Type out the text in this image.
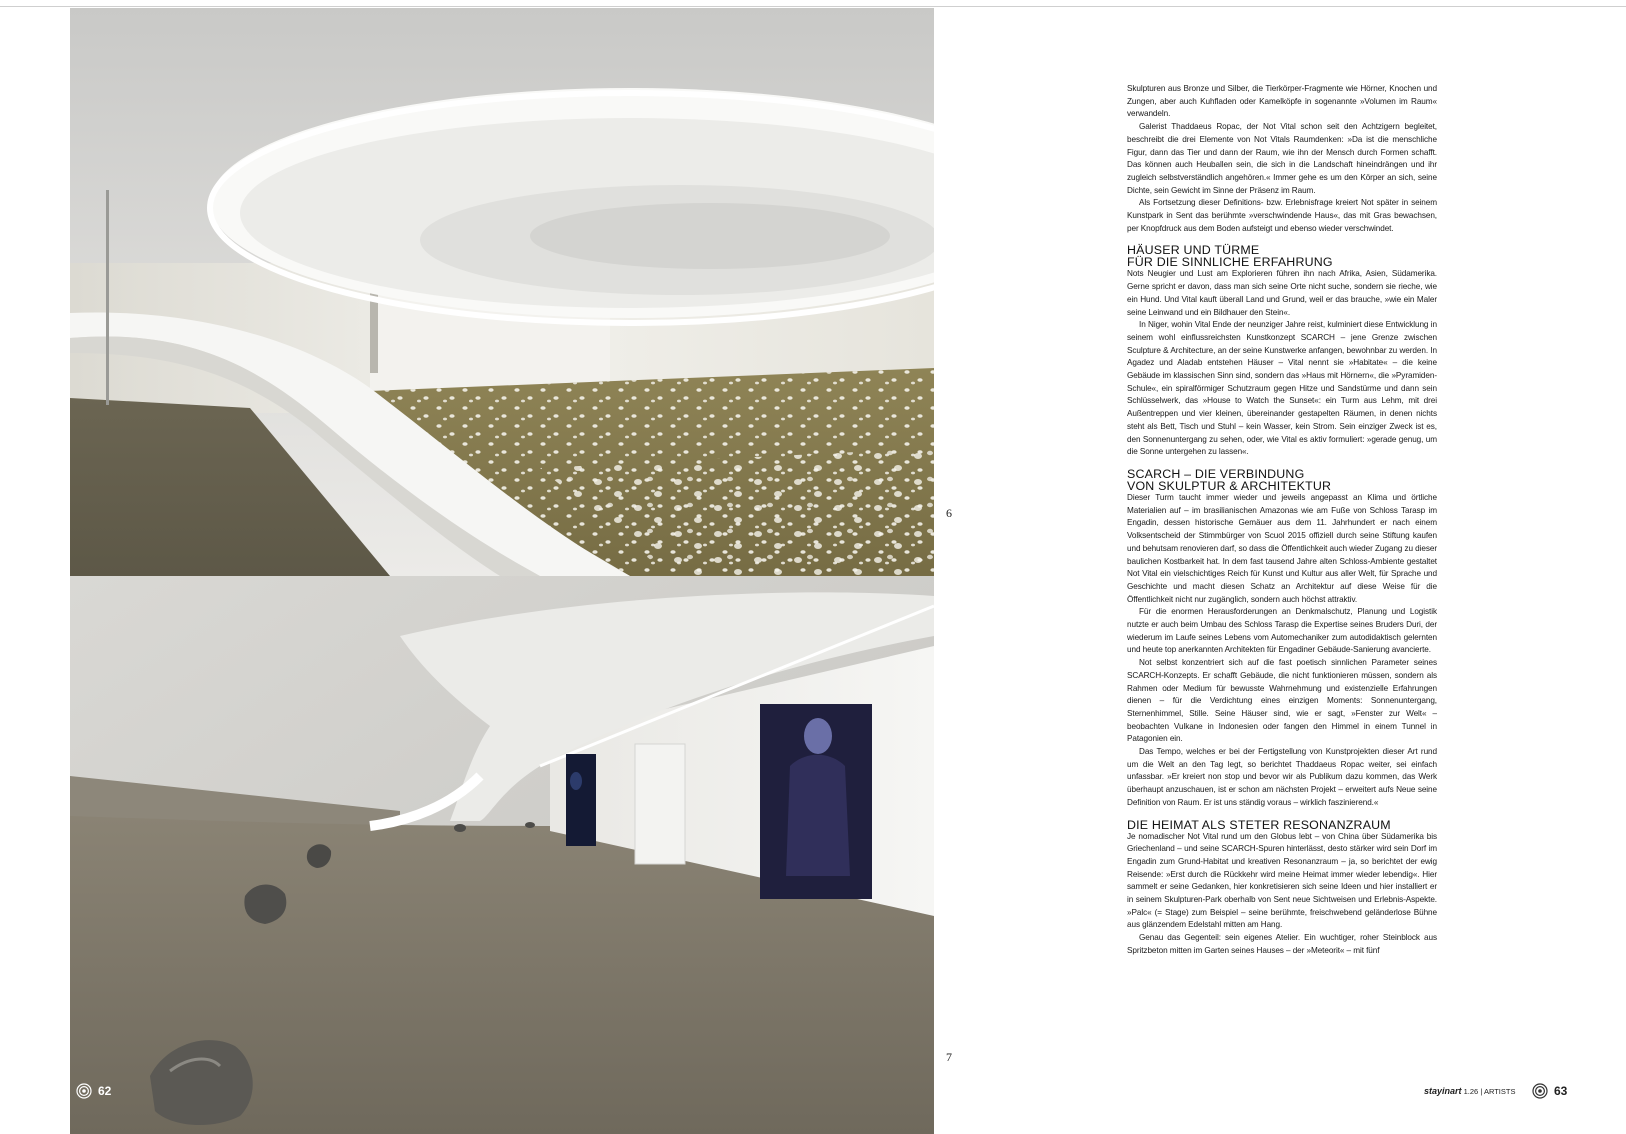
6
7
62	stayinart 1.26 | ARTISTS	63

Skulpturen aus Bronze und Silber, die Tierkörper-Fragmente wie Hörner, Knochen und Zungen, aber auch Kuhfladen oder Kamelköpfe in sogenannte »Volumen im Raum« verwandeln.

Galerist Thaddaeus Ropac, der Not Vital schon seit den Achtzigern begleitet, beschreibt die drei Elemente von Not Vitals Raumdenken: »Da ist die menschliche Figur, dann das Tier und dann der Raum, wie ihn der Mensch durch Formen schafft. Das können auch Heuballen sein, die sich in die Landschaft hineindrängen und ihr zugleich selbstverständlich angehören.« Immer gehe es um den Körper an sich, seine Dichte, sein Gewicht im Sinne der Präsenz im Raum.

Als Fortsetzung dieser Definitions- bzw. Erlebnisfrage kreiert Not später in seinem Kunstpark in Sent das berühmte »verschwindende Haus«, das mit Gras bewachsen, per Knopfdruck aus dem Boden aufsteigt und ebenso wieder verschwindet.

HÄUSER UND TÜRME
FÜR DIE SINNLICHE ERFAHRUNG

Nots Neugier und Lust am Explorieren führen ihn nach Afrika, Asien, Südamerika. Gerne spricht er davon, dass man sich seine Orte nicht suche, sondern sie rieche, wie ein Hund. Und Vital kauft überall Land und Grund, weil er das brauche, »wie ein Maler seine Leinwand und ein Bildhauer den Stein«.

In Niger, wohin Vital Ende der neunziger Jahre reist, kulminiert diese Entwicklung in seinem wohl einflussreichsten Kunstkonzept SCARCH – jene Grenze zwischen Sculpture & Architecture, an der seine Kunstwerke anfangen, bewohnbar zu werden. In Agadez und Aladab entstehen Häuser – Vital nennt sie »Habitate« – die keine Gebäude im klassischen Sinn sind, sondern das »Haus mit Hörnern«, die »Pyramiden-Schule«, ein spiralförmiger Schutzraum gegen Hitze und Sandstürme und dann sein Schlüsselwerk, das »House to Watch the Sunset«: ein Turm aus Lehm, mit drei Außentreppen und vier kleinen, übereinander gestapelten Räumen, in denen nichts steht als Bett, Tisch und Stuhl – kein Wasser, kein Strom. Sein einziger Zweck ist es, den Sonnenuntergang zu sehen, oder, wie Vital es aktiv formuliert: »gerade genug, um die Sonne untergehen zu lassen«.

SCARCH – DIE VERBINDUNG
VON SKULPTUR & ARCHITEKTUR

Dieser Turm taucht immer wieder und jeweils angepasst an Klima und örtliche Materialien auf – im brasilianischen Amazonas wie am Fuße von Schloss Tarasp im Engadin, dessen historische Gemäuer aus dem 11. Jahrhundert er nach einem Volksentscheid der Stimmbürger von Scuol 2015 offiziell durch seine Stiftung kaufen und behutsam renovieren darf, so dass die Öffentlichkeit auch wieder Zugang zu dieser baulichen Kostbarkeit hat. In dem fast tausend Jahre alten Schloss-Ambiente gestaltet Not Vital ein vielschichtiges Reich für Kunst und Kultur aus aller Welt, für Sprache und Geschichte und macht diesen Schatz an Architektur auf diese Weise für die Öffentlichkeit nicht nur zugänglich, sondern auch höchst attraktiv.

Für die enormen Herausforderungen an Denkmalschutz, Planung und Logistik nutzte er auch beim Umbau des Schloss Tarasp die Expertise seines Bruders Duri, der wiederum im Laufe seines Lebens vom Automechaniker zum autodidaktisch gelernten und heute top anerkannten Architekten für Engadiner Gebäude-Sanierung avancierte.

Not selbst konzentriert sich auf die fast poetisch sinnlichen Parameter seines SCARCH-Konzepts. Er schafft Gebäude, die nicht funktionieren müssen, sondern als Rahmen oder Medium für bewusste Wahrnehmung und existenzielle Erfahrungen dienen – für die Verdichtung eines einzigen Moments: Sonnenuntergang, Sternenhimmel, Stille. Seine Häuser sind, wie er sagt, »Fenster zur Welt« – beobachten Vulkane in Indonesien oder fangen den Himmel in einem Tunnel in Patagonien ein.

Das Tempo, welches er bei der Fertigstellung von Kunstprojekten dieser Art rund um die Welt an den Tag legt, so berichtet Thaddaeus Ropac weiter, sei einfach unfassbar. »Er kreiert non stop und bevor wir als Publikum dazu kommen, das Werk überhaupt anzuschauen, ist er schon am nächsten Projekt – erweitert aufs Neue seine Definition von Raum. Er ist uns ständig voraus – wirklich faszinierend.«

DIE HEIMAT ALS STETER RESONANZRAUM

Je nomadischer Not Vital rund um den Globus lebt – von China über Südamerika bis Griechenland – und seine SCARCH-Spuren hinterlässt, desto stärker wird sein Dorf im Engadin zum Grund-Habitat und kreativen Resonanzraum – ja, so berichtet der ewig Reisende: »Erst durch die Rückkehr wird meine Heimat immer wieder lebendig«. Hier sammelt er seine Gedanken, hier konkretisieren sich seine Ideen und hier installiert er in seinem Skulpturen-Park oberhalb von Sent neue Sichtweisen und Erlebnis-Aspekte. »Palc« (= Stage) zum Beispiel – seine berühmte, freischwebend geländerlose Bühne aus glänzendem Edelstahl mitten am Hang.

Genau das Gegenteil: sein eigenes Atelier. Ein wuchtiger, roher Steinblock aus Spritzbeton mitten im Garten seines Hauses – der »Meteorit« – mit fünf
